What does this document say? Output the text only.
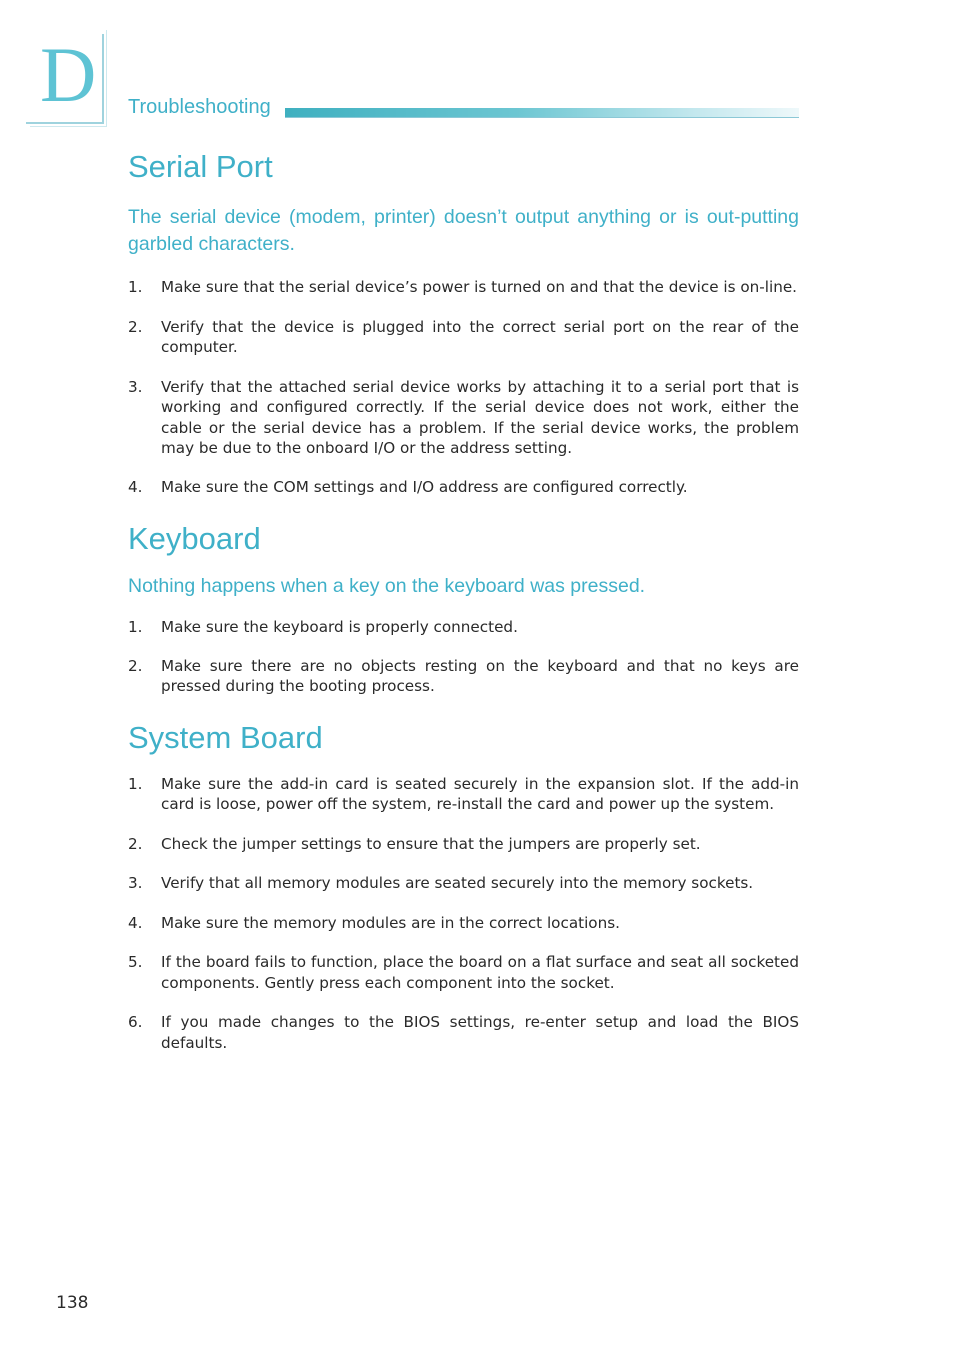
D Troubleshooting
Serial Port
The serial device (modem, printer) doesn’t output anything or is out-putting garbled characters.
1. Make sure that the serial device’s power is turned on and that the device is on-line.
2. Verify that the device is plugged into the correct serial port on the rear of the computer.
3. Verify that the attached serial device works by attaching it to a serial port that is working and configured correctly. If the serial device does not work, either the cable or the serial device has a problem. If the serial device works, the problem may be due to the onboard I/O or the address setting.
4. Make sure the COM settings and I/O address are configured correctly.
Keyboard
Nothing happens when a key on the keyboard was pressed.
1. Make sure the keyboard is properly connected.
2. Make sure there are no objects resting on the keyboard and that no keys are pressed during the booting process.
System Board
1. Make sure the add-in card is seated securely in the expansion slot. If the add-in card is loose, power off the system, re-install the card and power up the system.
2. Check the jumper settings to ensure that the jumpers are properly set.
3. Verify that all memory modules are seated securely into the memory sockets.
4. Make sure the memory modules are in the correct locations.
5. If the board fails to function, place the board on a flat surface and seat all socketed components. Gently press each component into the socket.
6. If you made changes to the BIOS settings, re-enter setup and load the BIOS defaults.
138
